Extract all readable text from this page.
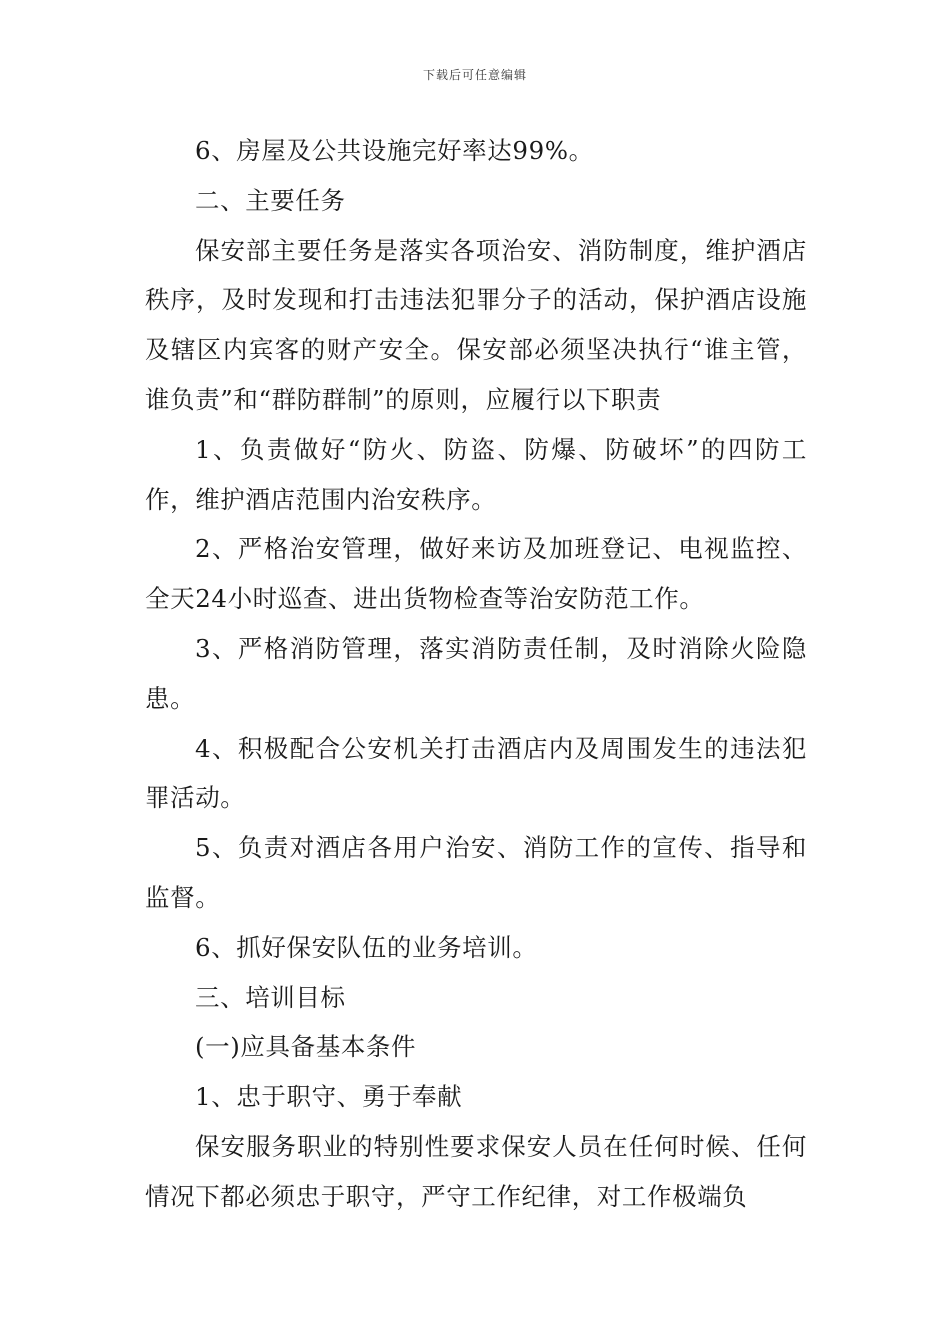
下载后可任意编辑

6、房屋及公共设施完好率达99%。

二、主要任务

保安部主要任务是落实各项治安、消防制度，维护酒店秩序，及时发现和打击违法犯罪分子的活动，保护酒店设施及辖区内宾客的财产安全。保安部必须坚决执行“谁主管，谁负责”和“群防群制”的原则，应履行以下职责

1、负责做好“防火、防盗、防爆、防破坏”的四防工作，维护酒店范围内治安秩序。

2、严格治安管理，做好来访及加班登记、电视监控、全天24小时巡查、进出货物检查等治安防范工作。

3、严格消防管理，落实消防责任制，及时消除火险隐患。

4、积极配合公安机关打击酒店内及周围发生的违法犯罪活动。

5、负责对酒店各用户治安、消防工作的宣传、指导和监督。

6、抓好保安队伍的业务培训。

三、培训目标

(一)应具备基本条件

1、忠于职守、勇于奉献

保安服务职业的特别性要求保安人员在任何时候、任何情况下都必须忠于职守，严守工作纪律，对工作极端负
